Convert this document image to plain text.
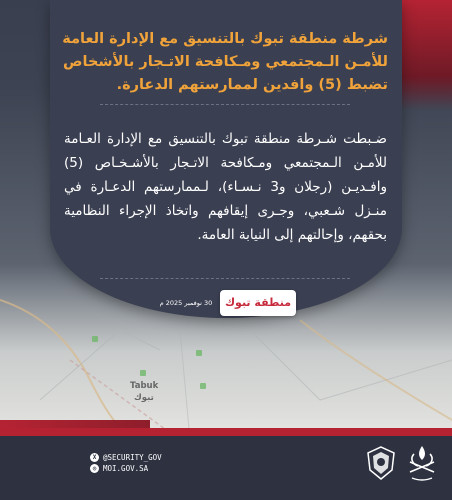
Tabuk
تبوك
شرطة منطقة تبوك بالتنسيق مع الإدارة العامة للأمـن الـمجتمعي ومـكافحة الاتـجار بالأشخاص تضبط (5) وافدين لممارستهم الدعارة.
ضـبطت شـرطة منطقة تبوك بالتنسيق مع الإدارة العـامة للأمـن الـمجتمعي ومـكافحة الاتـجار بالأشـخـاص (5) وافـديـن (رجلان و3 نـسـاء)، لـممارستهم الدعـارة في منـزل شـعبي، وجـرى إيقافهم واتخاذ الإجراء النظامية بحقهم، وإحالتهم إلى النيابة العامة.
منطقة تبوك
30 نوفمبر 2025 م
X @SECURITY_GOV
◎ MOI.GOV.SA
